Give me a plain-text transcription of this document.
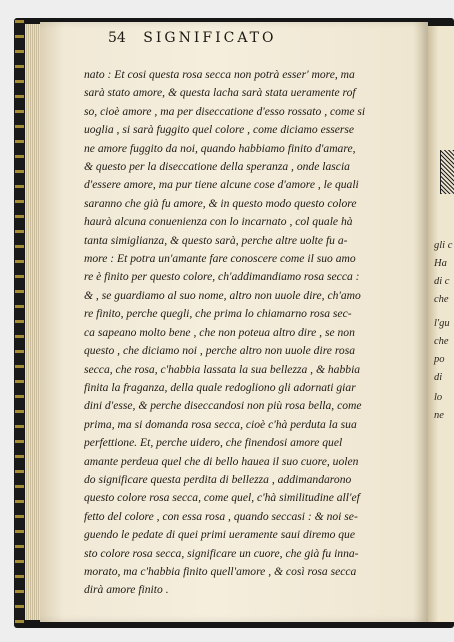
54 SIGNIFICATO
nato : Et cosi questa rosa secca non potrà esser' more, ma
sarà stato amore, & questa lacha sarà stata ueramente rof
so, cioè amore , ma per diseccatione d'esso rossato , come si
uoglia , si sarà fuggito quel colore , come diciamo esserse
ne amore fuggito da noi, quando habbiamo finito d'amare,
& questo per la diseccatione della speranza , onde lascia
d'essere amore, ma pur tiene alcune cose d'amore , le quali
saranno che già fu amore, & in questo modo questo colore
haurà alcuna conuenienza con lo incarnato , col quale hà
tanta simiglianza, & questo sarà, perche altre uolte fu a-
more : Et potra un'amante fare conoscere come il suo amo
re è finito per questo colore, ch'addimandiamo rosa secca :
& , se guardiamo al suo nome, altro non uuole dire, ch'amo
re finito, perche quegli, che prima lo chiamarno rosa sec-
ca sapeano molto bene , che non poteua altro dire , se non
questo , che diciamo noi , perche altro non uuole dire rosa
secca, che rosa, c'habbia lassata la sua bellezza , & habbia
finita la fraganza, della quale redogliono gli adornati giar
dini d'esse, & perche diseccandosi non più rosa bella, come
prima, ma si domanda rosa secca, cioè c'hà perduta la sua
perfettione. Et, perche uidero, che finendosi amore quel
amante perdeua quel che di bello hauea il suo cuore, uolen
do significare questa perdita di bellezza , addimandarono
questo colore rosa secca, come quel, c'hà similitudine all'ef
fetto del colore , con essa rosa , quando seccasi : & noi se-
guendo le pedate di quei primi ueramente saui diremo que
sto colore rosa secca, significare un cuore, che già fu inna-
morato, ma c'habbia finito quell'amore , & così rosa secca
dirà amore finito .
gli c
Ha
di c
che
l'gu
che
po
di
lo
ne
